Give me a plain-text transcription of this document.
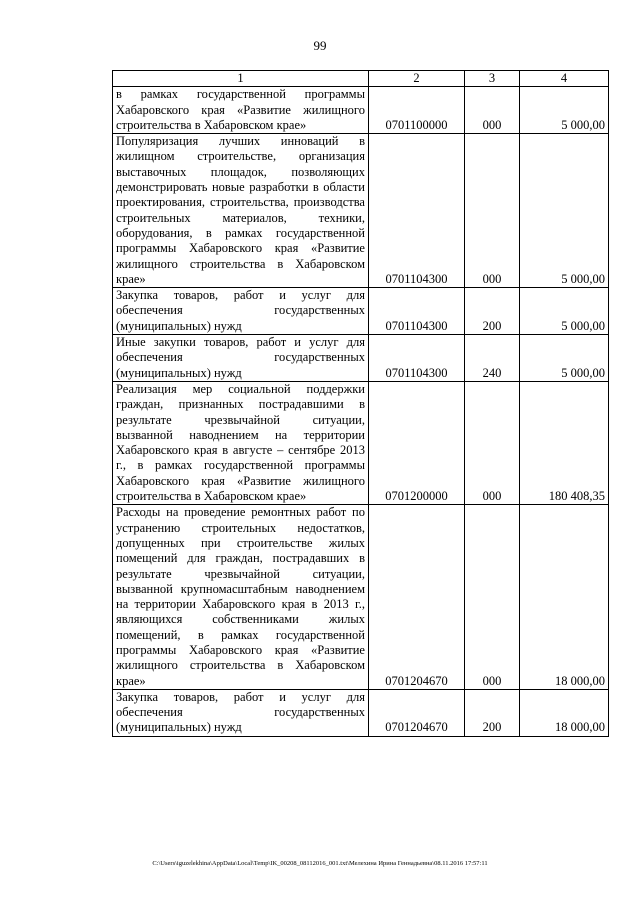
99
1	2	3	4
в рамках государственной программы Хабаровского края «Развитие жилищного строительства в Хабаровском крае»	0701100000	000	5 000,00
Популяризация лучших инноваций в жилищном строительстве, организация выставочных площадок, позволяющих демонстрировать новые разработки в области проектирования, строительства, производства строительных материалов, техники, оборудования, в рамках государственной программы Хабаровского края «Развитие жилищного строительства в Хабаровском крае»	0701104300	000	5 000,00
Закупка товаров, работ и услуг для обеспечения государственных (муниципальных) нужд	0701104300	200	5 000,00
Иные закупки товаров, работ и услуг для обеспечения государственных (муниципальных) нужд	0701104300	240	5 000,00
Реализация мер социальной поддержки граждан, признанных пострадавшими в результате чрезвычайной ситуации, вызванной наводнением на территории Хабаровского края в августе – сентябре 2013 г., в рамках государственной программы Хабаровского края «Развитие жилищного строительства в Хабаровском крае»	0701200000	000	180 408,35
Расходы на проведение ремонтных работ по устранению строительных недостатков, допущенных при строительстве жилых помещений для граждан, пострадавших в результате чрезвычайной ситуации, вызванной крупномасштабным наводнением на территории Хабаровского края в 2013 г., являющихся собственниками жилых помещений, в рамках государственной программы Хабаровского края «Развитие жилищного строительства в Хабаровском крае»	0701204670	000	18 000,00
Закупка товаров, работ и услуг для обеспечения государственных (муниципальных) нужд	0701204670	200	18 000,00
C:\Users\iguzelekhina\AppData\Local\Temp\IK_00208_08112016_001.txt\Мелехина Ирина Геннадьевна\08.11.2016 17:57:11
